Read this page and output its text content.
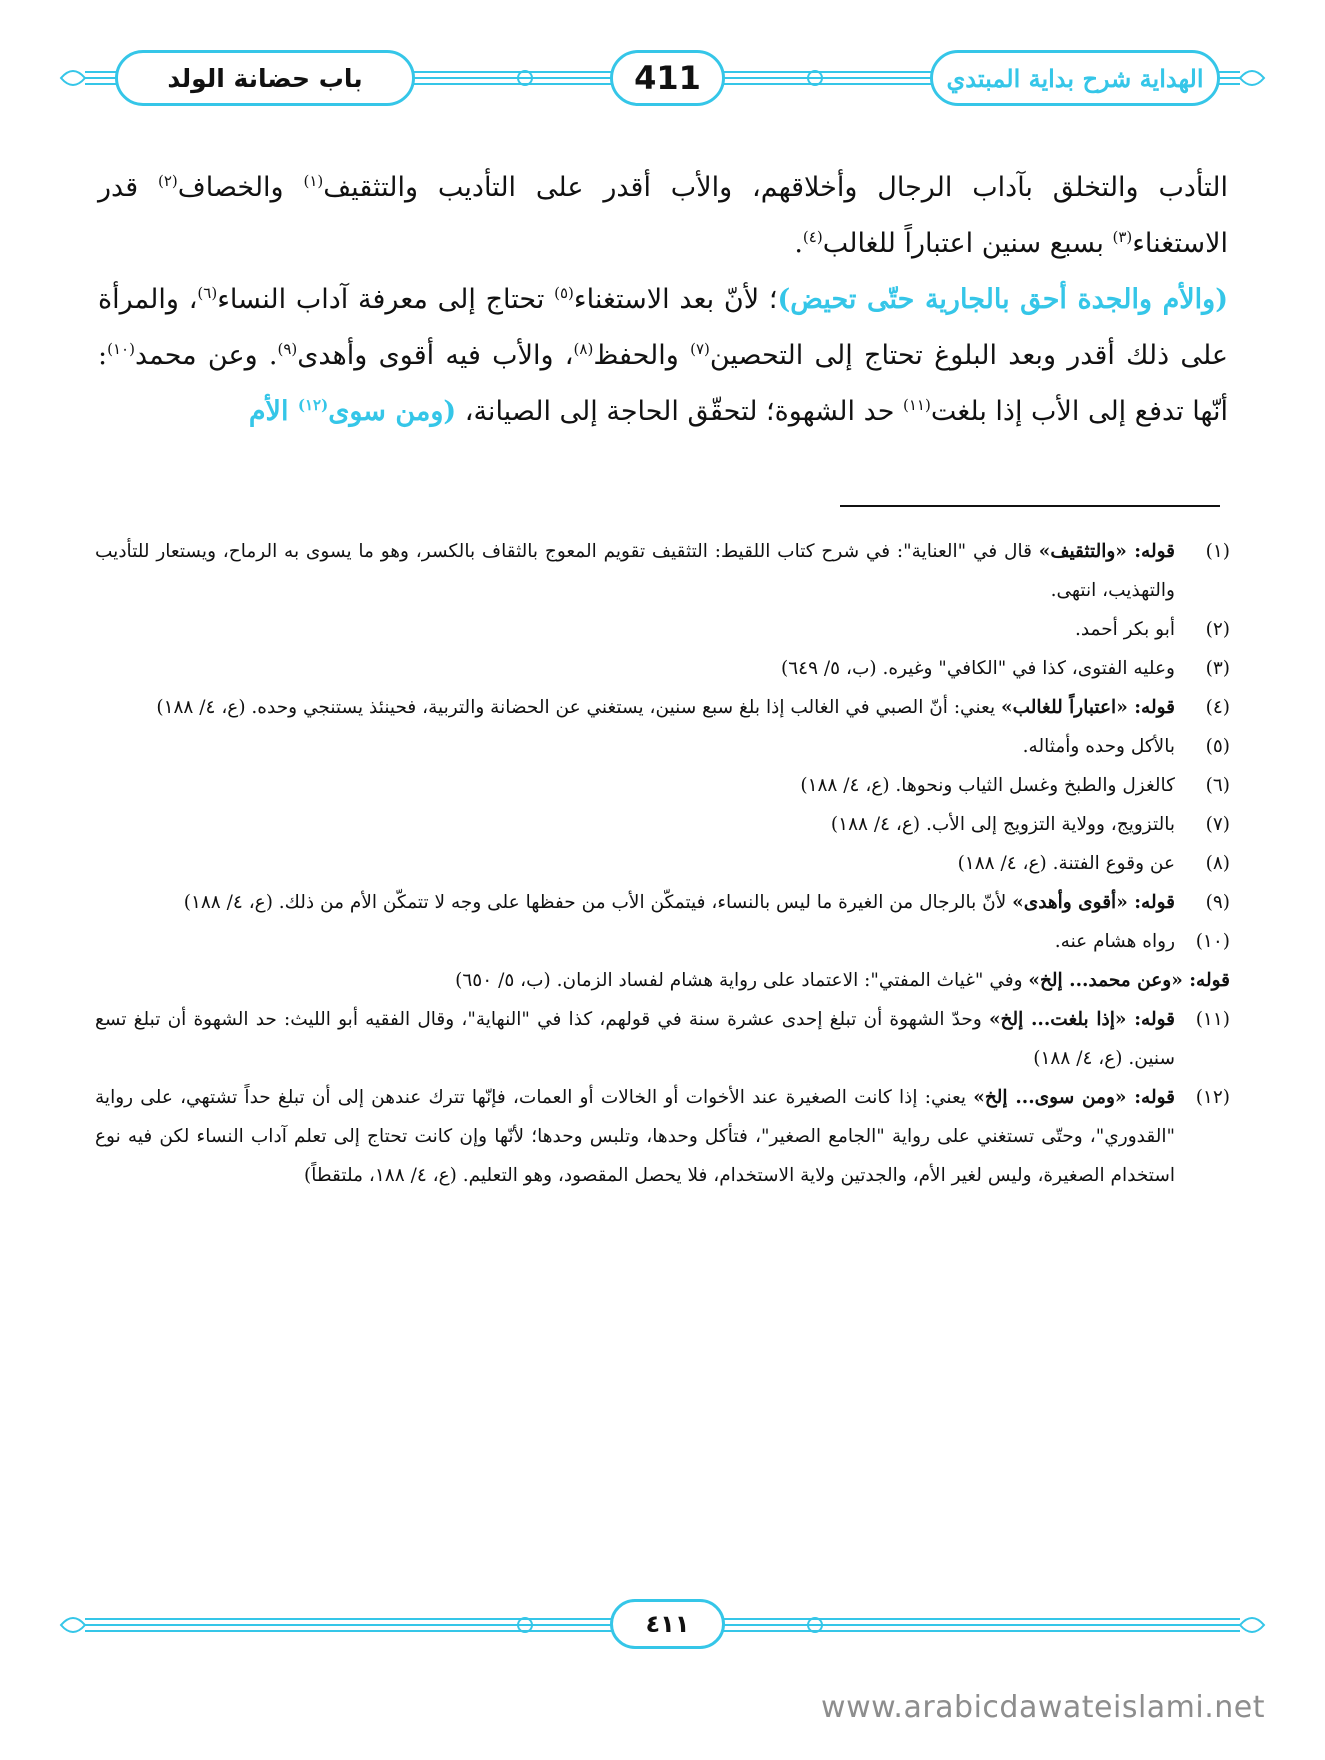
باب حضانة الولد	411	الهداية شرح بداية المبتدي

التأدب والتخلق بآداب الرجال وأخلاقهم، والأب أقدر على التأديب والتثقيف$^{(١)}$ والخصاف$^{(٢)}$ قدر الاستغناء$^{(٣)}$ بسبع سنين اعتباراً للغالب$^{(٤)}$.

(والأم والجدة أحق بالجارية حتّى تحيض)؛ لأنّ بعد الاستغناء$^{(٥)}$ تحتاج إلى معرفة آداب النساء$^{(٦)}$، والمرأة على ذلك أقدر وبعد البلوغ تحتاج إلى التحصين$^{(٧)}$ والحفظ$^{(٨)}$، والأب فيه أقوى وأهدى$^{(٩)}$. وعن محمد$^{(١٠)}$: أنّها تدفع إلى الأب إذا بلغت$^{(١١)}$ حد الشهوة؛ لتحقّق الحاجة إلى الصيانة، (ومن سوى$^{(١٢)}$ الأم

(١)قوله: «والتثقيف» قال في "العناية": في شرح كتاب اللقيط: التثقيف تقويم المعوج بالثقاف بالكسر، وهو ما يسوى به الرماح، ويستعار للتأديب والتهذيب، انتهى.

(٢)أبو بكر أحمد.

(٣)وعليه الفتوى، كذا في "الكافي" وغيره. (ب، ٥/ ٦٤٩)

(٤)قوله: «اعتباراً للغالب» يعني: أنّ الصبي في الغالب إذا بلغ سبع سنين، يستغني عن الحضانة والتربية، فحينئذ يستنجي وحده. (ع، ٤/ ١٨٨)

(٥)بالأكل وحده وأمثاله.

(٦)كالغزل والطبخ وغسل الثياب ونحوها. (ع، ٤/ ١٨٨)

(٧)بالتزويج، وولاية التزويج إلى الأب. (ع، ٤/ ١٨٨)

(٨)عن وقوع الفتنة. (ع، ٤/ ١٨٨)

(٩)قوله: «أقوى وأهدى» لأنّ بالرجال من الغيرة ما ليس بالنساء، فيتمكّن الأب من حفظها على وجه لا تتمكّن الأم من ذلك. (ع، ٤/ ١٨٨)

(١٠)رواه هشام عنه.

قوله: «وعن محمد... إلخ» وفي "غياث المفتي": الاعتماد على رواية هشام لفساد الزمان. (ب، ٥/ ٦٥٠)

(١١)قوله: «إذا بلغت... إلخ» وحدّ الشهوة أن تبلغ إحدى عشرة سنة في قولهم، كذا في "النهاية"، وقال الفقيه أبو الليث: حد الشهوة أن تبلغ تسع سنين. (ع، ٤/ ١٨٨)

(١٢)قوله: «ومن سوى... إلخ» يعني: إذا كانت الصغيرة عند الأخوات أو الخالات أو العمات، فإنّها تترك عندهن إلى أن تبلغ حداً تشتهي، على رواية "القدوري"، وحتّى تستغني على رواية "الجامع الصغير"، فتأكل وحدها، وتلبس وحدها؛ لأنّها وإن كانت تحتاج إلى تعلم آداب النساء لكن فيه نوع استخدام الصغيرة، وليس لغير الأم، والجدتين ولاية الاستخدام، فلا يحصل المقصود، وهو التعليم. (ع، ٤/ ١٨٨، ملتقطاً)

٤١١
www.arabicdawateislami.net
